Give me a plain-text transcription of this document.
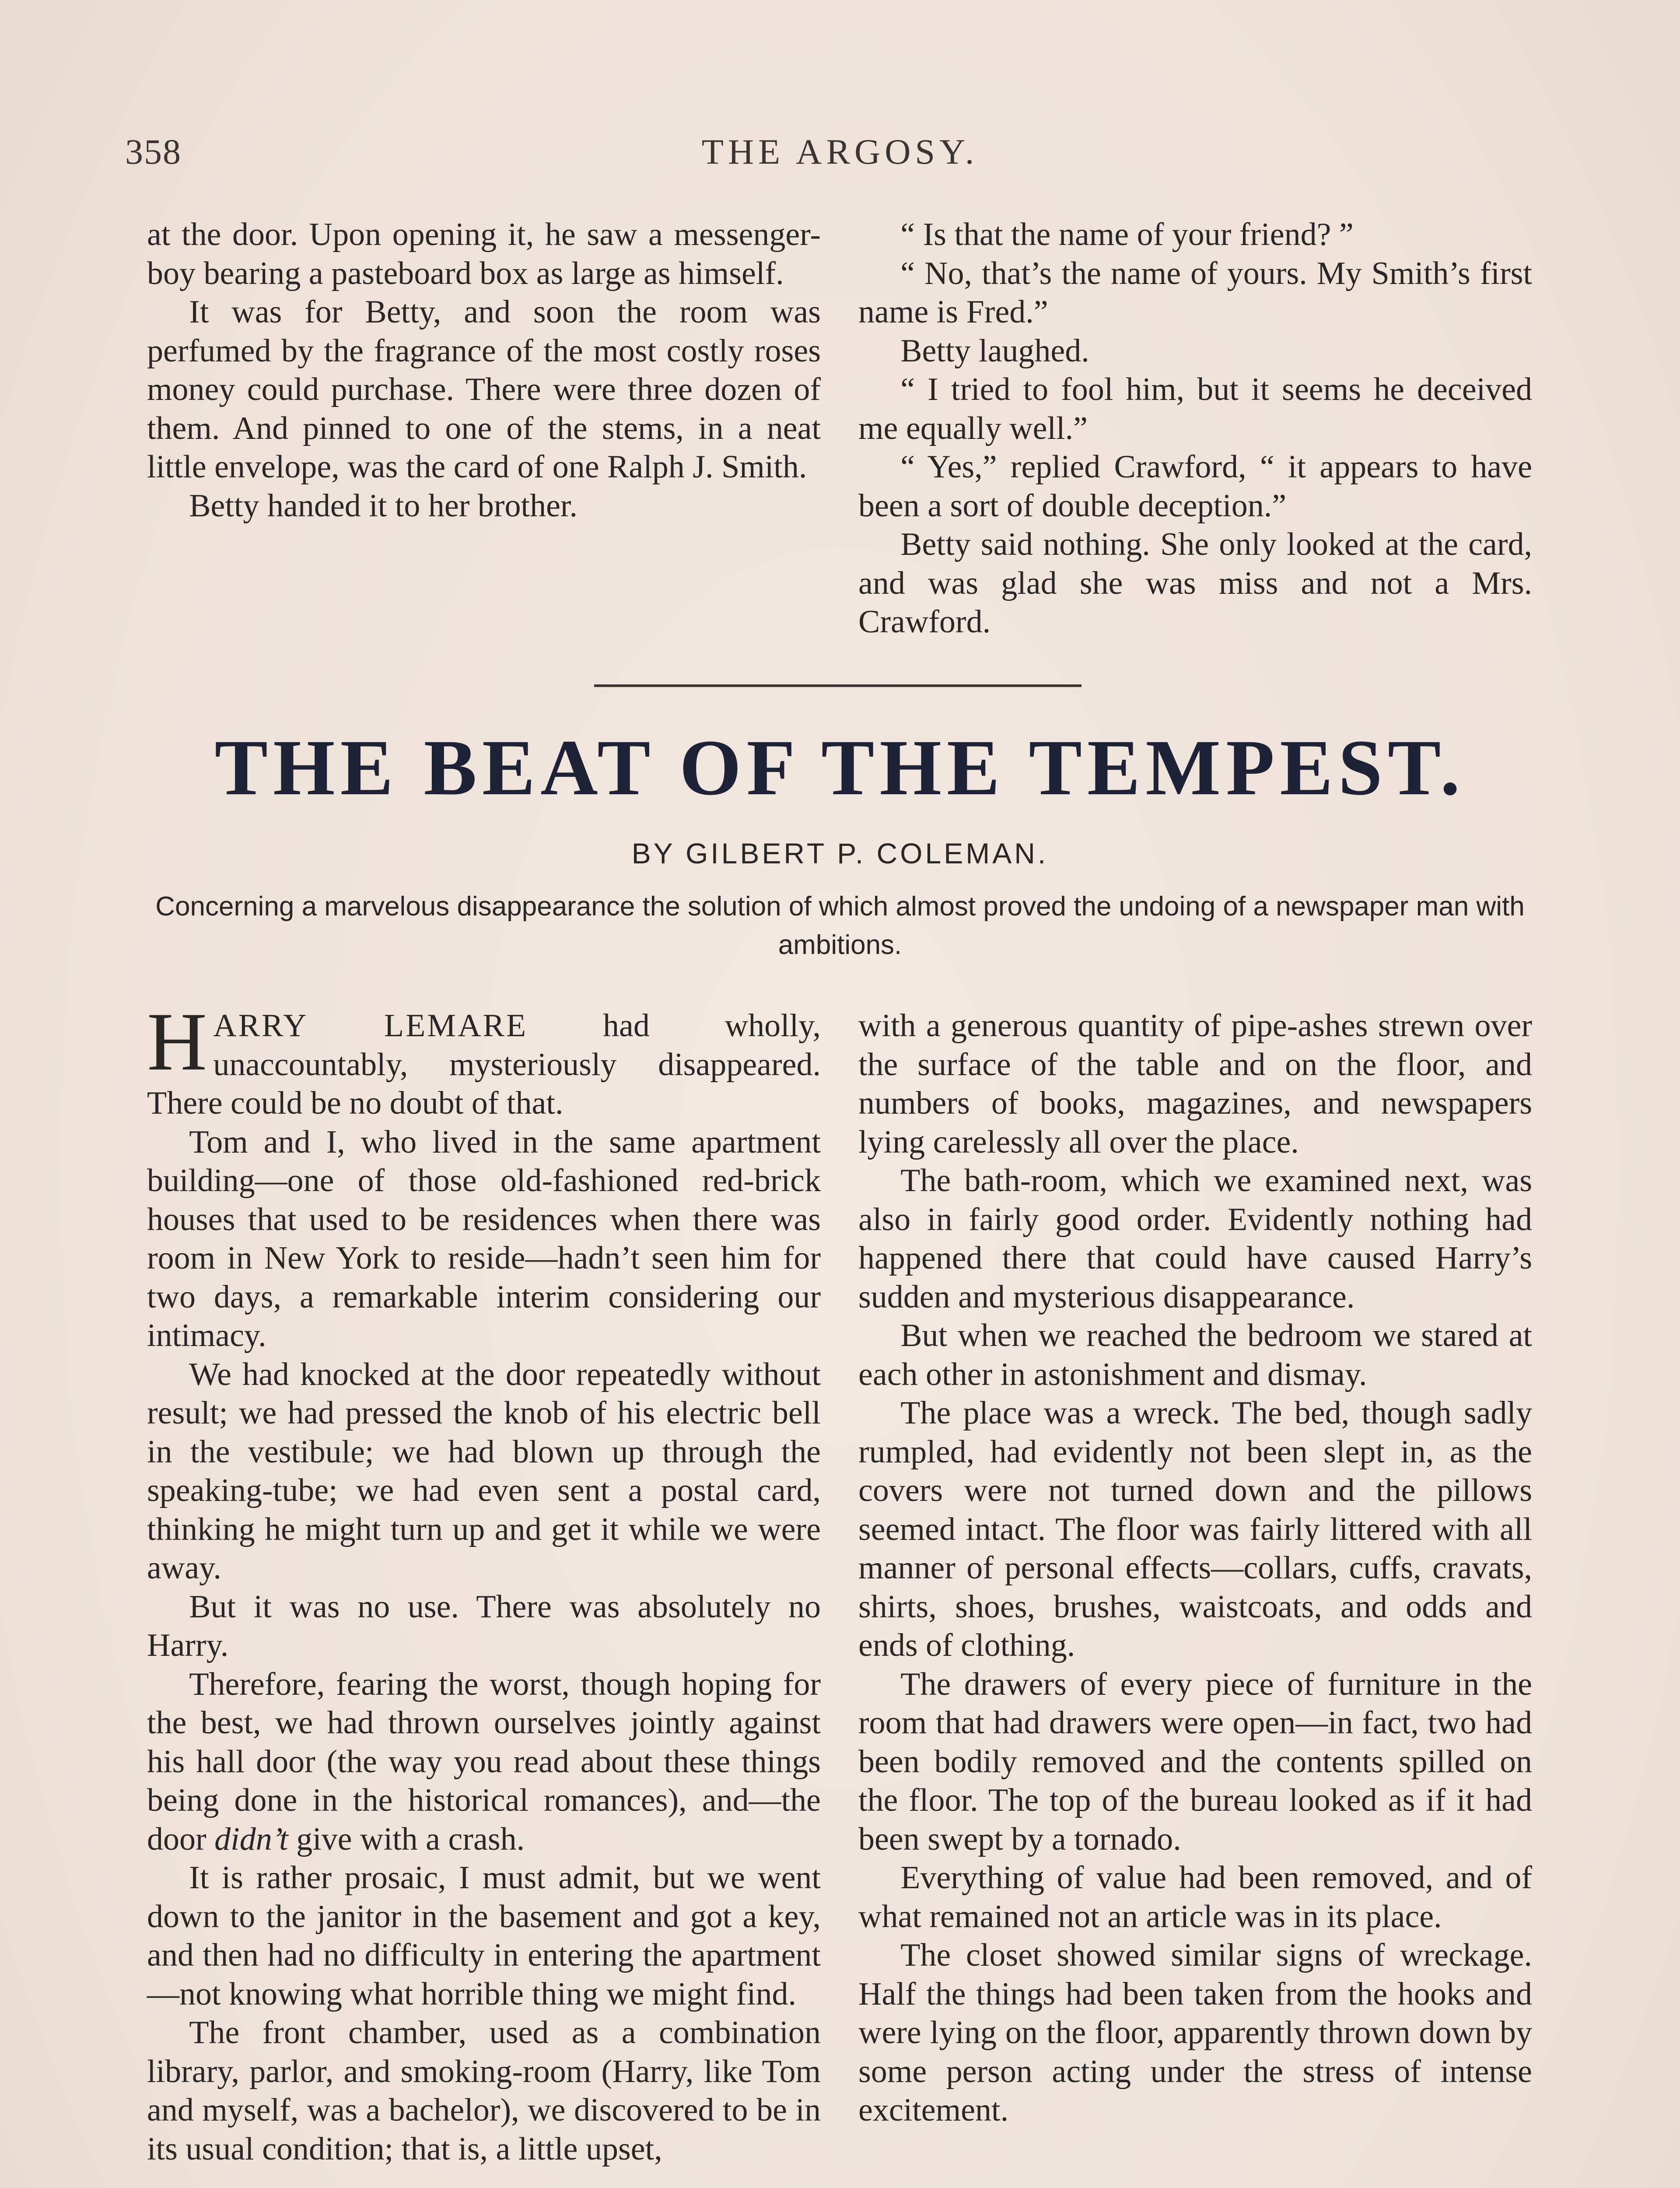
358	THE ARGOSY.

at the door. Upon opening it, he saw a messenger-boy bearing a pasteboard box as large as himself.

It was for Betty, and soon the room was perfumed by the fragrance of the most costly roses money could purchase. There were three dozen of them. And pinned to one of the stems, in a neat little envelope, was the card of one Ralph J. Smith.

Betty handed it to her brother.

“ Is that the name of your friend? ”

“ No, that’s the name of yours. My Smith’s first name is Fred.”

Betty laughed.

“ I tried to fool him, but it seems he deceived me equally well.”

“ Yes,” replied Crawford, “ it appears to have been a sort of double deception.”

Betty said nothing. She only looked at the card, and was glad she was miss and not a Mrs. Crawford.

THE BEAT OF THE TEMPEST.
BY GILBERT P. COLEMAN.
Concerning a marvelous disappearance the solution of which almost proved the undoing of a newspaper man with ambitions.

HARRY LEMARE had wholly, unaccountably, mysteriously disappeared. There could be no doubt of that.

Tom and I, who lived in the same apartment building—one of those old-fashioned red-brick houses that used to be residences when there was room in New York to reside—hadn’t seen him for two days, a remarkable interim considering our intimacy.

We had knocked at the door repeatedly without result; we had pressed the knob of his electric bell in the vestibule; we had blown up through the speaking-tube; we had even sent a postal card, thinking he might turn up and get it while we were away.

But it was no use. There was absolutely no Harry.

Therefore, fearing the worst, though hoping for the best, we had thrown ourselves jointly against his hall door (the way you read about these things being done in the historical romances), and—the door didn’t give with a crash.

It is rather prosaic, I must admit, but we went down to the janitor in the basement and got a key, and then had no difficulty in entering the apartment—not knowing what horrible thing we might find.

The front chamber, used as a combination library, parlor, and smoking-room (Harry, like Tom and myself, was a bachelor), we discovered to be in its usual condition; that is, a little upset,

with a generous quantity of pipe-ashes strewn over the surface of the table and on the floor, and numbers of books, magazines, and newspapers lying carelessly all over the place.

The bath-room, which we examined next, was also in fairly good order. Evidently nothing had happened there that could have caused Harry’s sudden and mysterious disappearance.

But when we reached the bedroom we stared at each other in astonishment and dismay.

The place was a wreck. The bed, though sadly rumpled, had evidently not been slept in, as the covers were not turned down and the pillows seemed intact. The floor was fairly littered with all manner of personal effects—collars, cuffs, cravats, shirts, shoes, brushes, waistcoats, and odds and ends of clothing.

The drawers of every piece of furniture in the room that had drawers were open—in fact, two had been bodily removed and the contents spilled on the floor. The top of the bureau looked as if it had been swept by a tornado.

Everything of value had been removed, and of what remained not an article was in its place.

The closet showed similar signs of wreckage. Half the things had been taken from the hooks and were lying on the floor, apparently thrown down by some person acting under the stress of intense excitement.
